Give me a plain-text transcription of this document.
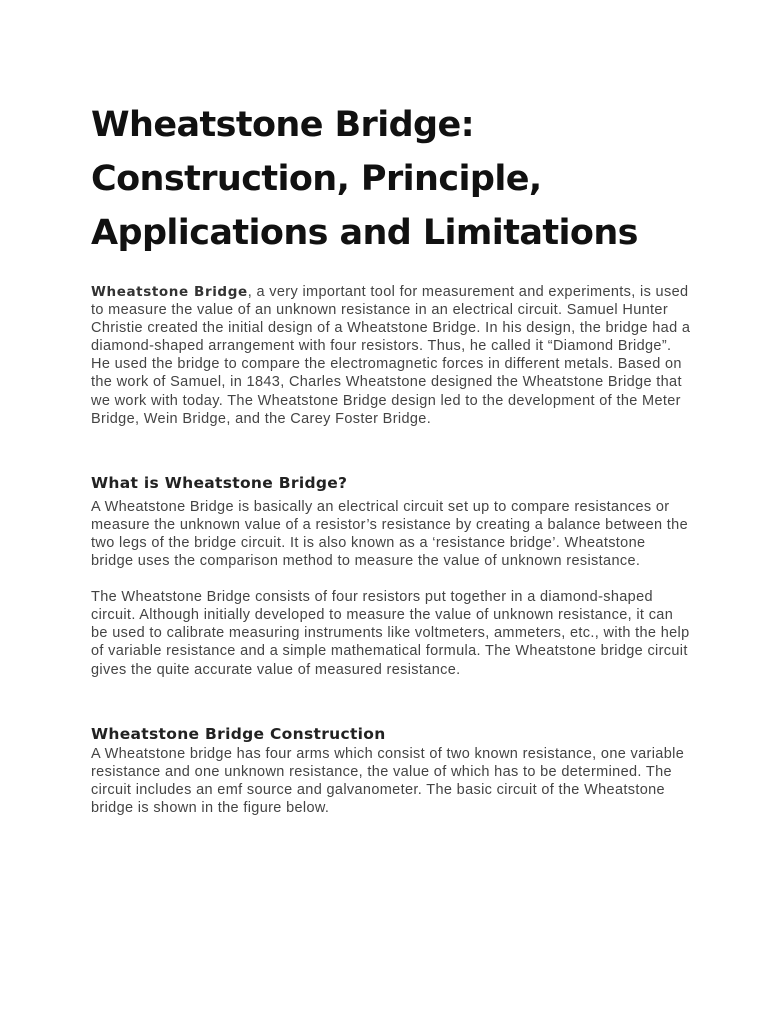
Wheatstone Bridge: Construction, Principle, Applications and Limitations

Wheatstone Bridge, a very important tool for measurement and experiments, is used to measure the value of an unknown resistance in an electrical circuit. Samuel Hunter Christie created the initial design of a Wheatstone Bridge. In his design, the bridge had a diamond-shaped arrangement with four resistors. Thus, he called it “Diamond Bridge”. He used the bridge to compare the electromagnetic forces in different metals. Based on the work of Samuel, in 1843, Charles Wheatstone designed the Wheatstone Bridge that we work with today. The Wheatstone Bridge design led to the development of the Meter Bridge, Wein Bridge, and the Carey Foster Bridge.

What is Wheatstone Bridge?

A Wheatstone Bridge is basically an electrical circuit set up to compare resistances or measure the unknown value of a resistor’s resistance by creating a balance between the two legs of the bridge circuit. It is also known as a ‘resistance bridge’. Wheatstone bridge uses the comparison method to measure the value of unknown resistance.

The Wheatstone Bridge consists of four resistors put together in a diamond-shaped circuit. Although initially developed to measure the value of unknown resistance, it can be used to calibrate measuring instruments like voltmeters, ammeters, etc., with the help of variable resistance and a simple mathematical formula. The Wheatstone bridge circuit gives the quite accurate value of measured resistance.

Wheatstone Bridge Construction

A Wheatstone bridge has four arms which consist of two known resistance, one variable resistance and one unknown resistance, the value of which has to be determined. The circuit includes an emf source and galvanometer. The basic circuit of the Wheatstone bridge is shown in the figure below.
